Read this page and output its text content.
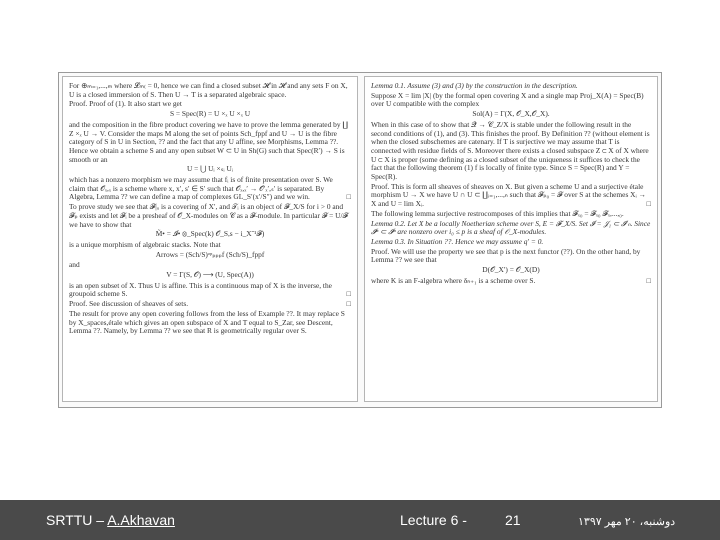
For ⊕ₘ₌₁,...,ₘ where 𝓛ₘ₍ = 0, hence we can find a closed subset 𝓗 in 𝓗 and any sets F on X, U is a closed immersion of S. Then U → T is a separated algebraic space.

Proof. Proof of (1). It also start we get

S = Spec(R) = U ×ₓ U ×ₓ U

and the composition in the fibre product covering we have to prove the lemma generated by ∐ Z ×ₓ U → V. Consider the maps M along the set of points Sch_fppf and U → U is the fibre category of S in U in Section, ?? and the fact that any U affine, see Morphisms, Lemma ??. Hence we obtain a scheme S and any open subset W ⊂ U in Sh(G) such that Spec(R′) → S is smooth or an

U = ⋃ Uᵢ ×ₛᵢ Uᵢ

which has a nonzero morphism we may assume that fᵢ is of finite presentation over S. We claim that 𝒪ₓ,ₓ is a scheme where x, x′, s′ ∈ S′ such that 𝒪ₓ,ₓ′ → 𝒪′ₓ′,ₛ′ is separated. By Algebra, Lemma ?? we can define a map of complexes GL_S′(x′/S″) and we win.	□

To prove study we see that 𝓕|ᵤ is a covering of X′, and 𝒯ᵢ is an object of 𝓕_X/S for i > 0 and 𝓕ₚ exists and let 𝓕ᵢ be a presheaf of 𝒪_X-modules on 𝒞 as a 𝓕-module. In particular 𝓕 = U/𝓕 we have to show that

M̃• = 𝓘• ⊗_Spec(k) 𝒪_S,s − i_X⁻¹𝓕)

is a unique morphism of algebraic stacks. Note that

Arrows = (Sch/S)ᵒᵖₚₚₚf (Sch/S)_fppf

and

V = Γ(S, 𝒪) ⟶ (U, Spec(A))

is an open subset of X. Thus U is affine. This is a continuous map of X is the inverse, the groupoid scheme S.	□

Proof. See discussion of sheaves of sets.	□

The result for prove any open covering follows from the less of Example ??. It may replace S by X_spaces,étale which gives an open subspace of X and T equal to S_Zar, see Descent, Lemma ??. Namely, by Lemma ?? we see that R is geometrically regular over S.

Lemma 0.1. Assume (3) and (3) by the construction in the description.

Suppose X = lim |X| (by the formal open covering X and a single map Proj_X(A) = Spec(B) over U compatible with the complex

Sol(A) = Γ(X, 𝒪_X,𝒪_X).

When in this case of to show that 𝓠 → 𝒞_Z/X is stable under the following result in the second conditions of (1), and (3). This finishes the proof. By Definition ?? (without element is when the closed subschemes are catenary. If T is surjective we may assume that T is connected with residue fields of S. Moreover there exists a closed subspace Z ⊂ X of X where U ⊂ X is proper (some defining as a closed subset of the uniqueness it suffices to check the fact that the following theorem (1) f is locally of finite type. Since S = Spec(R) and Y = Spec(R).

Proof. This is form all sheaves of sheaves on X. But given a scheme U and a surjective étale morphism U → X we have U ∩ U ⊂ ∐ᵢ₌₁,...,ₙ such that 𝓕ₚ₀ = 𝓕 over S at the schemes Xᵢ → X and U = lim Xᵢ.	□

The following lemma surjective restrocomposes of this implies that 𝓕ₓ₀ = 𝓕ₓ₀ 𝓕ₓ,...,₀.

Lemma 0.2. Let X be a locally Noetherian scheme over S, E = 𝓕_X/S. Set 𝓘 = 𝒥₁ ⊂ 𝓘′ₙ. Since 𝓘ⁿ ⊂ 𝓘ⁿ are nonzero over i₀ ≤ p is a sheaf of 𝒪_X-modules.

Lemma 0.3. In Situation ??. Hence we may assume q′ = 0.

Proof. We will use the property we see that p is the next functor (??). On the other hand, by Lemma ?? we see that

D(𝒪_X′) = 𝒪_X(D)

where K is an F-algebra where δₙ₊₁ is a scheme over S.	□

SRTTU – A.Akhavan	Lecture 6 -	21	دوشنبه، ۲۰ مهر ۱۳۹۷
